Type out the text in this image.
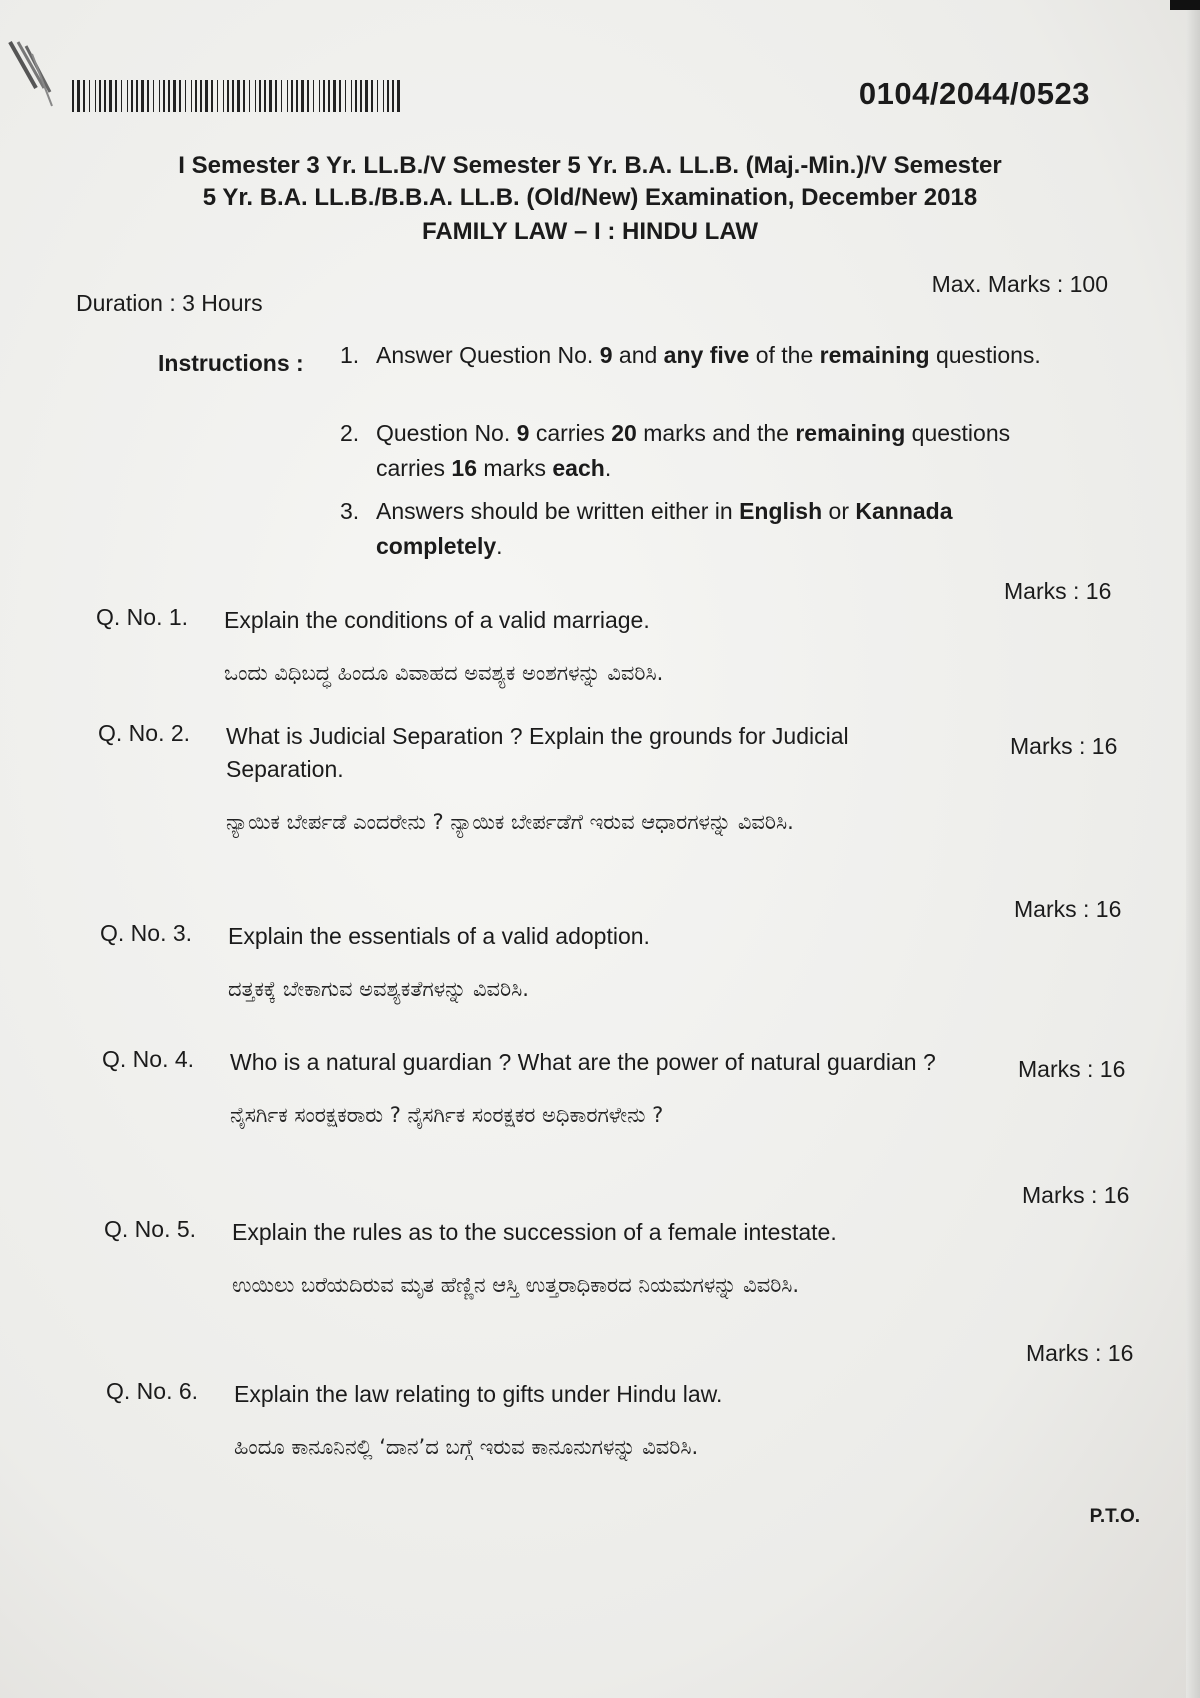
0104/2044/0523
I Semester 3 Yr. LL.B./V Semester 5 Yr. B.A. LL.B. (Maj.-Min.)/V Semester
5 Yr. B.A. LL.B./B.B.A. LL.B. (Old/New) Examination, December 2018
FAMILY LAW – I : HINDU LAW
Duration : 3 Hours
Max. Marks : 100
Instructions : 1. Answer Question No. 9 and any five of the remaining questions.
2. Question No. 9 carries 20 marks and the remaining questions carries 16 marks each.
3. Answers should be written either in English or Kannada completely.
Marks : 16
Q. No. 1. Explain the conditions of a valid marriage.
ಒಂದು ವಿಧಿಬದ್ಧ ಹಿಂದೂ ವಿವಾಹದ ಅವಶ್ಯಕ ಅಂಶಗಳನ್ನು ವಿವರಿಸಿ.
Marks : 16
Q. No. 2. What is Judicial Separation ? Explain the grounds for Judicial Separation.
ನ್ಯಾಯಿಕ ಬೇರ್ಪಡೆ ಎಂದರೇನು ? ನ್ಯಾಯಿಕ ಬೇರ್ಪಡೆಗೆ ಇರುವ ಆಧಾರಗಳನ್ನು ವಿವರಿಸಿ.
Marks : 16
Q. No. 3. Explain the essentials of a valid adoption.
ದತ್ತಕಕ್ಕೆ ಬೇಕಾಗುವ ಅವಶ್ಯಕತೆಗಳನ್ನು ವಿವರಿಸಿ.
Marks : 16
Q. No. 4. Who is a natural guardian ? What are the power of natural guardian ?
ನೈಸರ್ಗಿಕ ಸಂರಕ್ಷಕರಾರು ? ನೈಸರ್ಗಿಕ ಸಂರಕ್ಷಕರ ಅಧಿಕಾರಗಳೇನು ?
Marks : 16
Q. No. 5. Explain the rules as to the succession of a female intestate.
ಉಯಿಲು ಬರೆಯದಿರುವ ಮೃತ ಹೆಣ್ಣಿನ ಆಸ್ತಿ ಉತ್ತರಾಧಿಕಾರದ ನಿಯಮಗಳನ್ನು ವಿವರಿಸಿ.
Marks : 16
Q. No. 6. Explain the law relating to gifts under Hindu law.
ಹಿಂದೂ ಕಾನೂನಿನಲ್ಲಿ ‘ದಾನ’ದ ಬಗ್ಗೆ ಇರುವ ಕಾನೂನುಗಳನ್ನು ವಿವರಿಸಿ.
P.T.O.
